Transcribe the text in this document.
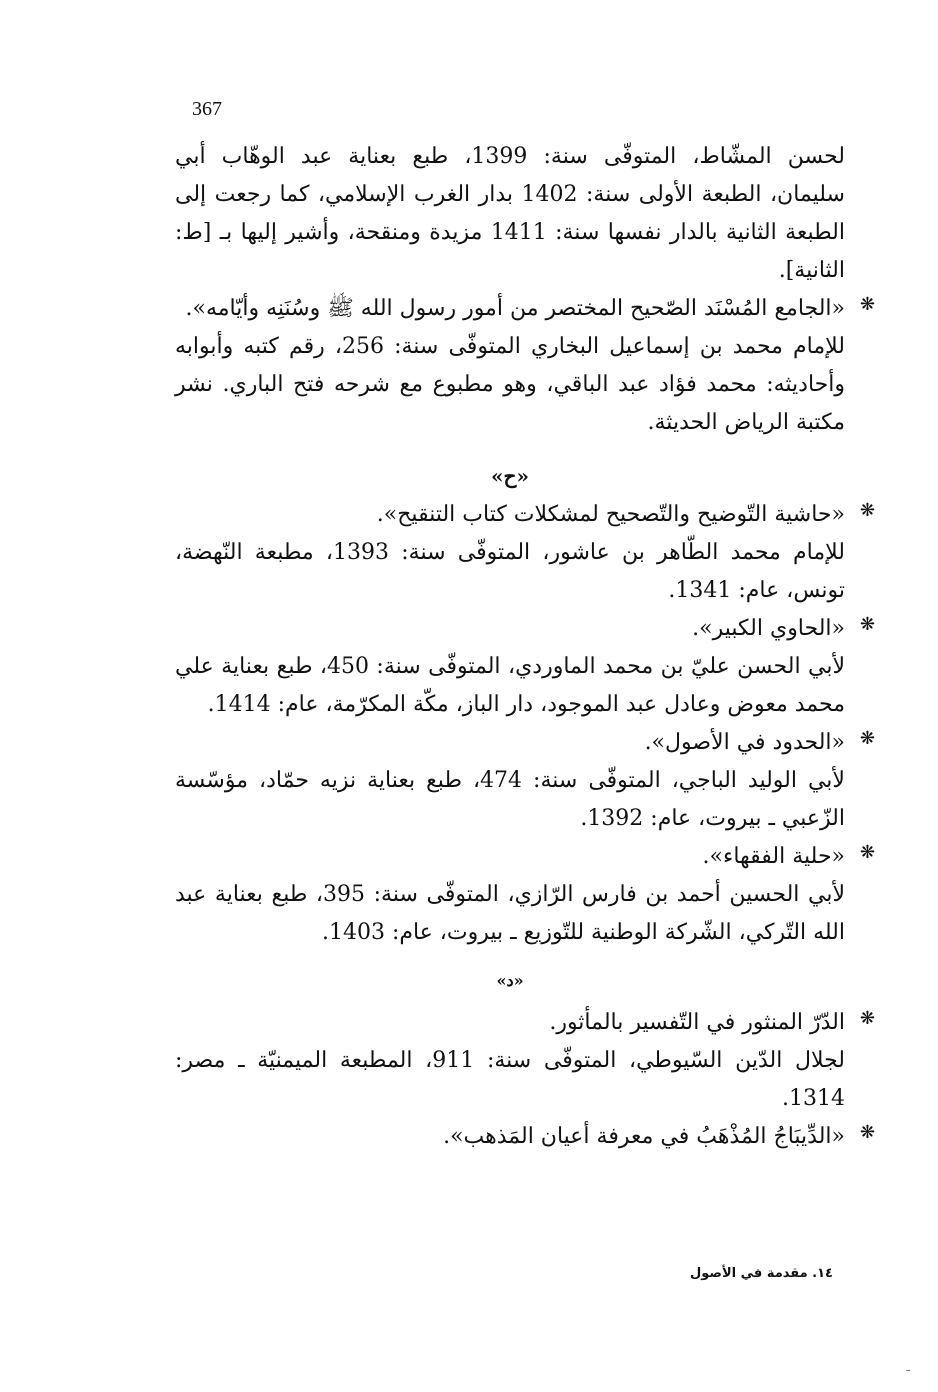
367

لحسن المشّاط، المتوفّى سنة: 1399، طبع بعناية عبد الوهّاب أبي سليمان، الطبعة الأولى سنة: 1402 بدار الغرب الإسلامي، كما رجعت إلى الطبعة الثانية بالدار نفسها سنة: 1411 مزيدة ومنقحة، وأشير إليها بـ [ط: الثانية].

❋
«الجامع المُسْنَد الصّحيح المختصر من أمور رسول الله ﷺ وسُنَنِه وأيّامه».
للإمام محمد بن إسماعيل البخاري المتوفّى سنة: 256، رقم كتبه وأبوابه وأحاديثه: محمد فؤاد عبد الباقي، وهو مطبوع مع شرحه فتح الباري. نشر مكتبة الرياض الحديثة.
«ح»
❋
«حاشية التّوضيح والتّصحيح لمشكلات كتاب التنقيح».
للإمام محمد الطّاهر بن عاشور، المتوفّى سنة: 1393، مطبعة النّهضة، تونس، عام: 1341.
❋
«الحاوي الكبير».
لأبي الحسن عليّ بن محمد الماوردي، المتوفّى سنة: 450، طبع بعناية علي محمد معوض وعادل عبد الموجود، دار الباز، مكّة المكرّمة، عام: 1414.
❋
«الحدود في الأصول».
لأبي الوليد الباجي، المتوفّى سنة: 474، طبع بعناية نزيه حمّاد، مؤسّسة الزّعبي ـ بيروت، عام: 1392.
❋
«حلية الفقهاء».
لأبي الحسين أحمد بن فارس الرّازي، المتوفّى سنة: 395، طبع بعناية عبد الله التّركي، الشّركة الوطنية للتّوزيع ـ بيروت، عام: 1403.
«د»
❋
الدّرّ المنثور في التّفسير بالمأثور.
لجلال الدّين السّيوطي، المتوفّى سنة: 911، المطبعة الميمنيّة ـ مصر: 1314.
❋
«الدِّيبَاجُ المُذْهَبُ في معرفة أعيان المَذهب».
١٤. مقدمة في الأصول
ـ
